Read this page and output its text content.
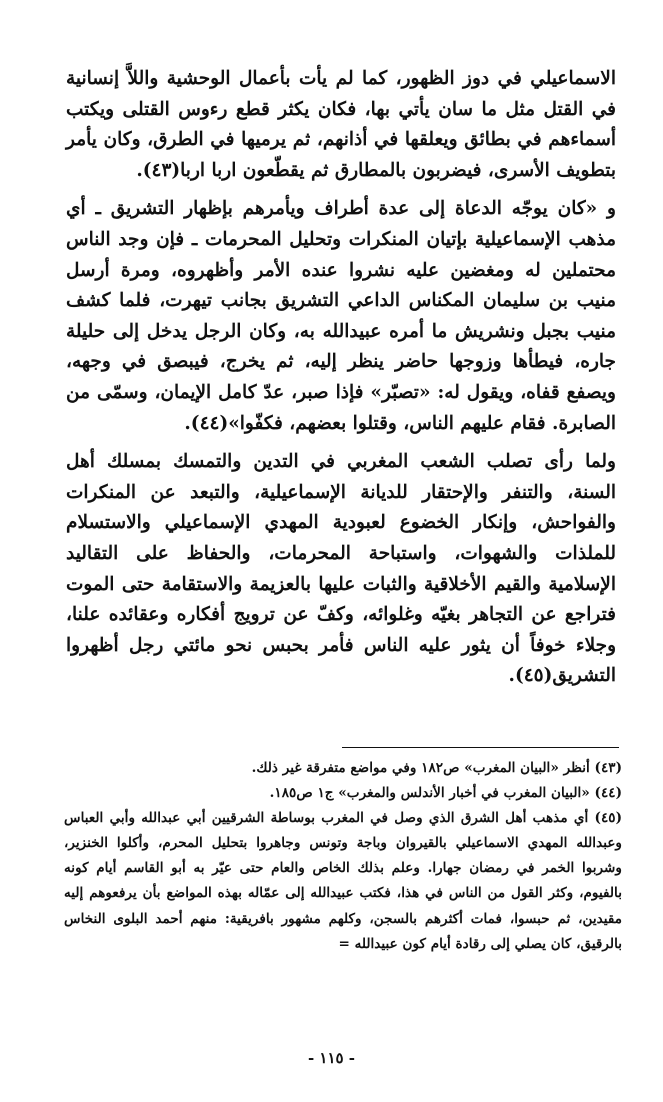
الاسماعيلي في دوز الظهور، كما لم يأت بأعمال الوحشية واللاَّ إنسانية في القتل مثل ما سان يأتي بها، فكان يكثر قطع رءوس القتلى ويكتب أسماءهم في بطائق ويعلقها في أذانهم، ثم يرميها في الطرق، وكان يأمر بتطويف الأسرى، فيضربون بالمطارق ثم يقطّعون اربا اربا(٤٣).

و «كان يوجّه الدعاة إلى عدة أطراف ويأمرهم بإظهار التشريق ـ أي مذهب الإسماعيلية بإتيان المنكرات وتحليل المحرمات ـ فإن وجد الناس محتملين له ومغضين عليه نشروا عنده الأمر وأظهروه، ومرة أرسل منيب بن سليمان المكناس الداعي التشريق بجانب تيهرت، فلما كشف منيب بجبل ونشريش ما أمره عبيدالله به، وكان الرجل يدخل إلى حليلة جاره، فيطأها وزوجها حاضر ينظر إليه، ثم يخرج، فيبصق في وجهه، ويصفع قفاه، ويقول له: «تصبّر» فإذا صبر، عدّ كامل الإيمان، وسمّى من الصابرة. فقام عليهم الناس، وقتلوا بعضهم، فكفّوا»(٤٤).

ولما رأى تصلب الشعب المغربي في التدين والتمسك بمسلك أهل السنة، والتنفر والإحتقار للديانة الإسماعيلية، والتبعد عن المنكرات والفواحش، وإنكار الخضوع لعبودية المهدي الإسماعيلي والاستسلام للملذات والشهوات، واستباحة المحرمات، والحفاظ على التقاليد الإسلامية والقيم الأخلاقية والثبات عليها بالعزيمة والاستقامة حتى الموت فتراجع عن التجاهر بغيّه وغلوائه، وكفّ عن ترويج أفكاره وعقائده علنا، وجلاء خوفاً أن يثور عليه الناس فأمر بحبس نحو مائتي رجل أظهروا التشريق(٤٥).

(٤٣) أنظر «البيان المغرب» ص١٨٢ وفي مواضع متفرقة غير ذلك.

(٤٤) «البيان المغرب في أخبار الأندلس والمغرب» ج١ ص١٨٥.

(٤٥) أي مذهب أهل الشرق الذي وصل في المغرب بوساطة الشرقيين أبي عبدالله وأبي العباس وعبدالله المهدي الاسماعيلي بالقيروان وباجة وتونس وجاهروا بتحليل المحرم، وأكلوا الخنزير، وشربوا الخمر في رمضان جهارا. وعلم بذلك الخاص والعام حتى عيّر به أبو القاسم أيام كونه بالفيوم، وكثر القول من الناس في هذا، فكتب عبيدالله إلى عمّاله بهذه المواضع بأن يرفعوهم إليه مقيدين، ثم حبسوا، فمات أكثرهم بالسجن، وكلهم مشهور بافريقية: منهم أحمد البلوى النخاس بالرقيق، كان يصلي إلى رقادة أيام كون عبيدالله =

- ١١٥ -
